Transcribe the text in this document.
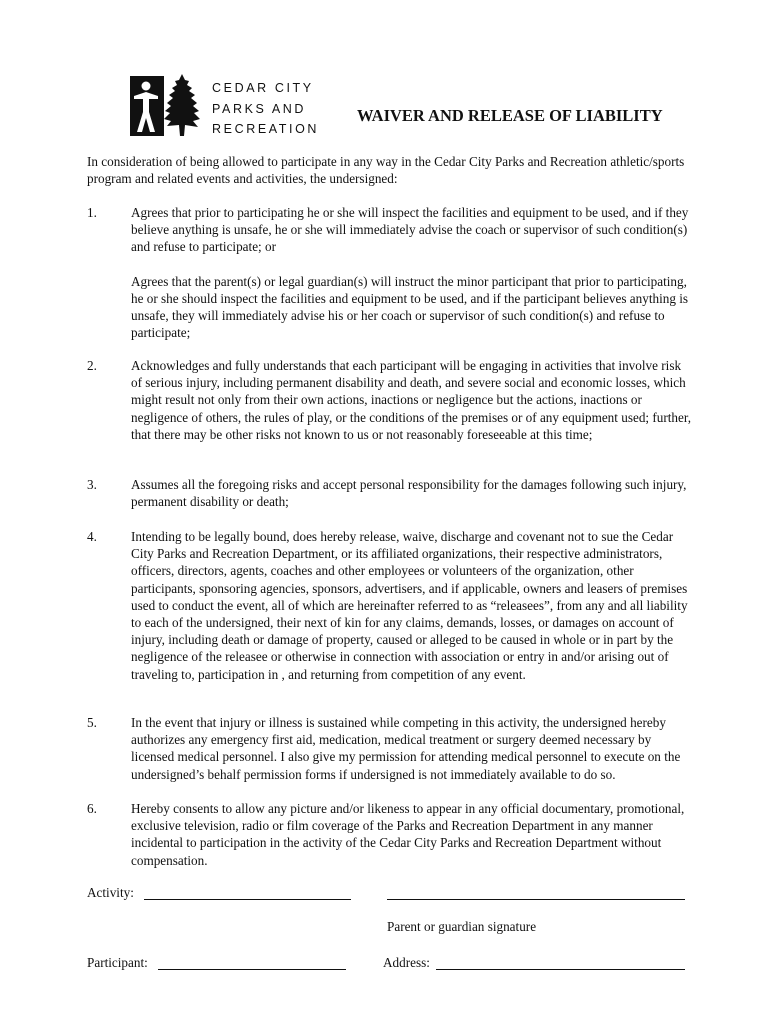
CEDAR CITY
PARKS AND
RECREATION
WAIVER AND RELEASE OF LIABILITY
In consideration of being allowed to participate in any way in the Cedar City Parks and Recreation athletic/sports program and related events and activities, the undersigned:
1.	Agrees that prior to participating he or she will inspect the facilities and equipment to be used, and if they believe anything is unsafe, he or she will immediately advise the coach or supervisor of such condition(s) and refuse to participate; or

Agrees that the parent(s) or legal guardian(s) will instruct the minor participant that prior to participating, he or she should inspect the facilities and equipment to be used, and if the participant believes anything is unsafe, they will immediately advise his or her coach or supervisor of such condition(s) and refuse to participate;

2.	Acknowledges and fully understands that each participant will be engaging in activities that involve risk of serious injury, including permanent disability and death, and severe social and economic losses, which might result not only from their own actions, inactions or negligence but the actions, inactions or negligence of others, the rules of play, or the conditions of the premises or of any equipment used; further, that there may be other risks not known to us or not reasonably foreseeable at this time;

3.	Assumes all the foregoing risks and accept personal responsibility for the damages following such injury, permanent disability or death;

4.	Intending to be legally bound, does hereby release, waive, discharge and covenant not to sue the Cedar City Parks and Recreation Department, or its affiliated organizations, their respective administrators, officers, directors, agents, coaches and other employees or volunteers of the organization, other participants, sponsoring agencies, sponsors, advertisers, and if applicable, owners and leasers of premises used to conduct the event, all of which are hereinafter referred to as “releasees”, from any and all liability to each of the undersigned, their next of kin for any claims, demands, losses, or damages on account of injury, including death or damage of property, caused or alleged to be caused in whole or in part by the negligence of the releasee or otherwise in connection with association or entry in and/or arising out of traveling to, participation in , and returning from competition of any event.

5.	In the event that injury or illness is sustained while competing in this activity, the undersigned hereby authorizes any emergency first aid, medication, medical treatment or surgery deemed necessary by licensed medical personnel. I also give my permission for attending medical personnel to execute on the undersigned’s behalf permission forms if undersigned is not immediately available to do so.

6.	Hereby consents to allow any picture and/or likeness to appear in any official documentary, promotional, exclusive television, radio or film coverage of the Parks and Recreation Department in any manner incidental to participation in the activity of the Cedar City Parks and Recreation Department without compensation.

Activity:
Parent or guardian signature
Participant:	Address:
